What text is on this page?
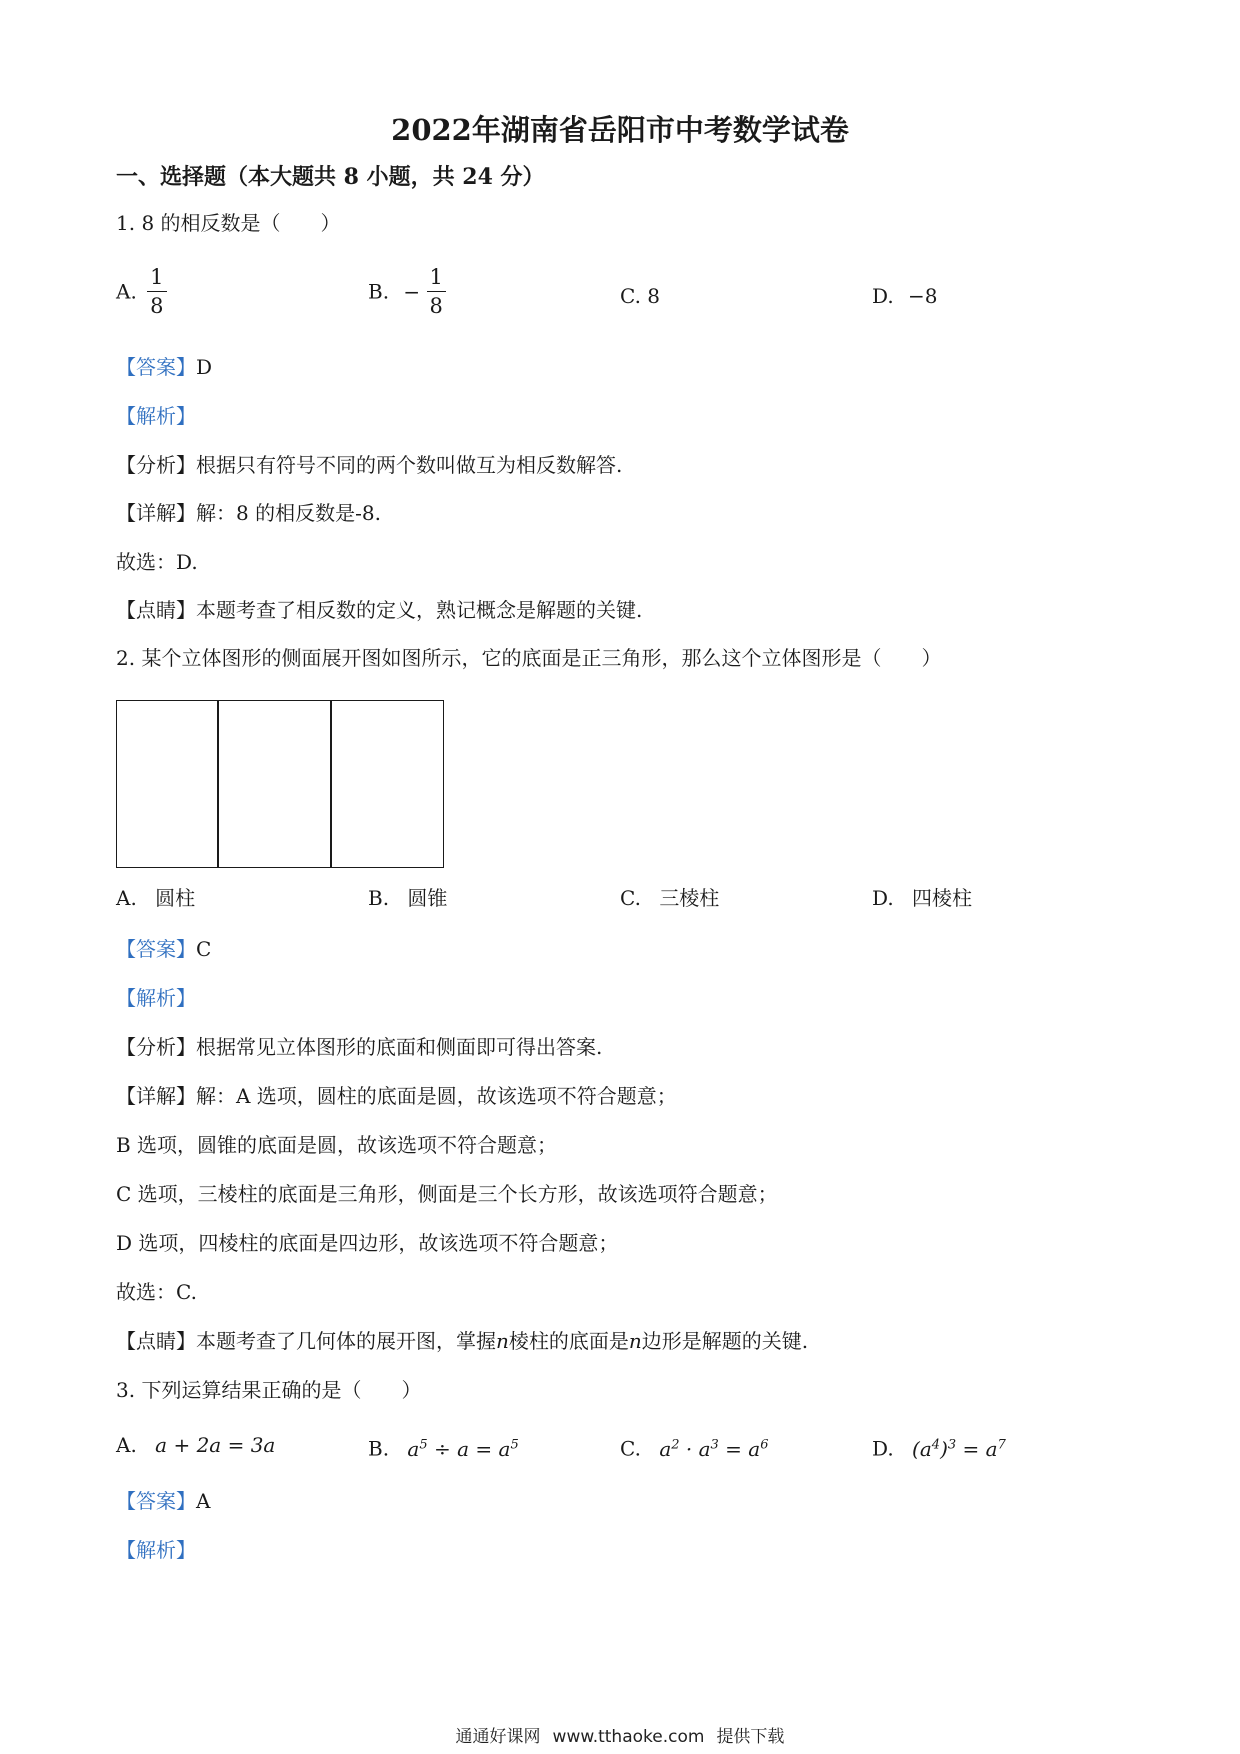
2022年湖南省岳阳市中考数学试卷
一、选择题（本大题共 8 小题，共 24 分）
1. 8 的相反数是（　　）
A. $\frac{1}{8}$	B. − $\frac{1}{8}$	C. 8	D. −8
【答案】D
【解析】
【分析】根据只有符号不同的两个数叫做互为相反数解答.
【详解】解：8 的相反数是-8.
故选：D.
【点睛】本题考查了相反数的定义，熟记概念是解题的关键.
2. 某个立体图形的侧面展开图如图所示，它的底面是正三角形，那么这个立体图形是（　　）
A. 圆柱	B. 圆锥	C. 三棱柱	D. 四棱柱
【答案】C
【解析】
【分析】根据常见立体图形的底面和侧面即可得出答案.
【详解】解：A 选项，圆柱的底面是圆，故该选项不符合题意；
B 选项，圆锥的底面是圆，故该选项不符合题意；
C 选项，三棱柱的底面是三角形，侧面是三个长方形，故该选项符合题意；
D 选项，四棱柱的底面是四边形，故该选项不符合题意；
故选：C.
【点睛】本题考查了几何体的展开图，掌握n棱柱的底面是n边形是解题的关键.
3. 下列运算结果正确的是（　　）
A. a + 2a = 3a	B. $a^5 \div a = a^5$	C. $a^2 \cdot a^3 = a^6$	D. $(a^4)^3 = a^7$
【答案】A
【解析】
通通好课网 www.tthaoke.com 提供下载
